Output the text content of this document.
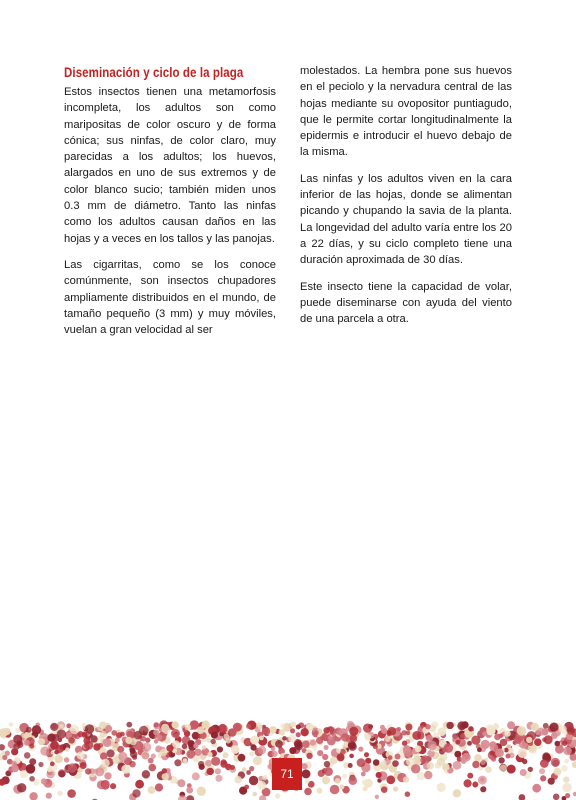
Diseminación y ciclo de la plaga

Estos insectos tienen una metamorfosis incompleta, los adultos son como maripositas de color oscuro y de forma cónica; sus ninfas, de color claro, muy parecidas a los adultos; los huevos, alargados en uno de sus extremos y de color blanco sucio; también miden unos 0.3 mm de diámetro. Tanto las ninfas como los adultos causan daños en las hojas y a veces en los tallos y las panojas.

Las cigarritas, como se los conoce comúnmente, son insectos chupadores ampliamente distribuidos en el mundo, de tamaño pequeño (3 mm) y muy móviles, vuelan a gran velocidad al ser

molestados. La hembra pone sus huevos en el peciolo y la nervadura central de las hojas mediante su ovopositor puntiagudo, que le permite cortar longitudinalmente la epidermis e introducir el huevo debajo de la misma.

Las ninfas y los adultos viven en la cara inferior de las hojas, donde se alimentan picando y chupando la savia de la planta. La longevidad del adulto varía entre los 20 a 22 días, y su ciclo completo tiene una duración aproximada de 30 días.

Este insecto tiene la capacidad de volar, puede diseminarse con ayuda del viento de una parcela a otra.

71
